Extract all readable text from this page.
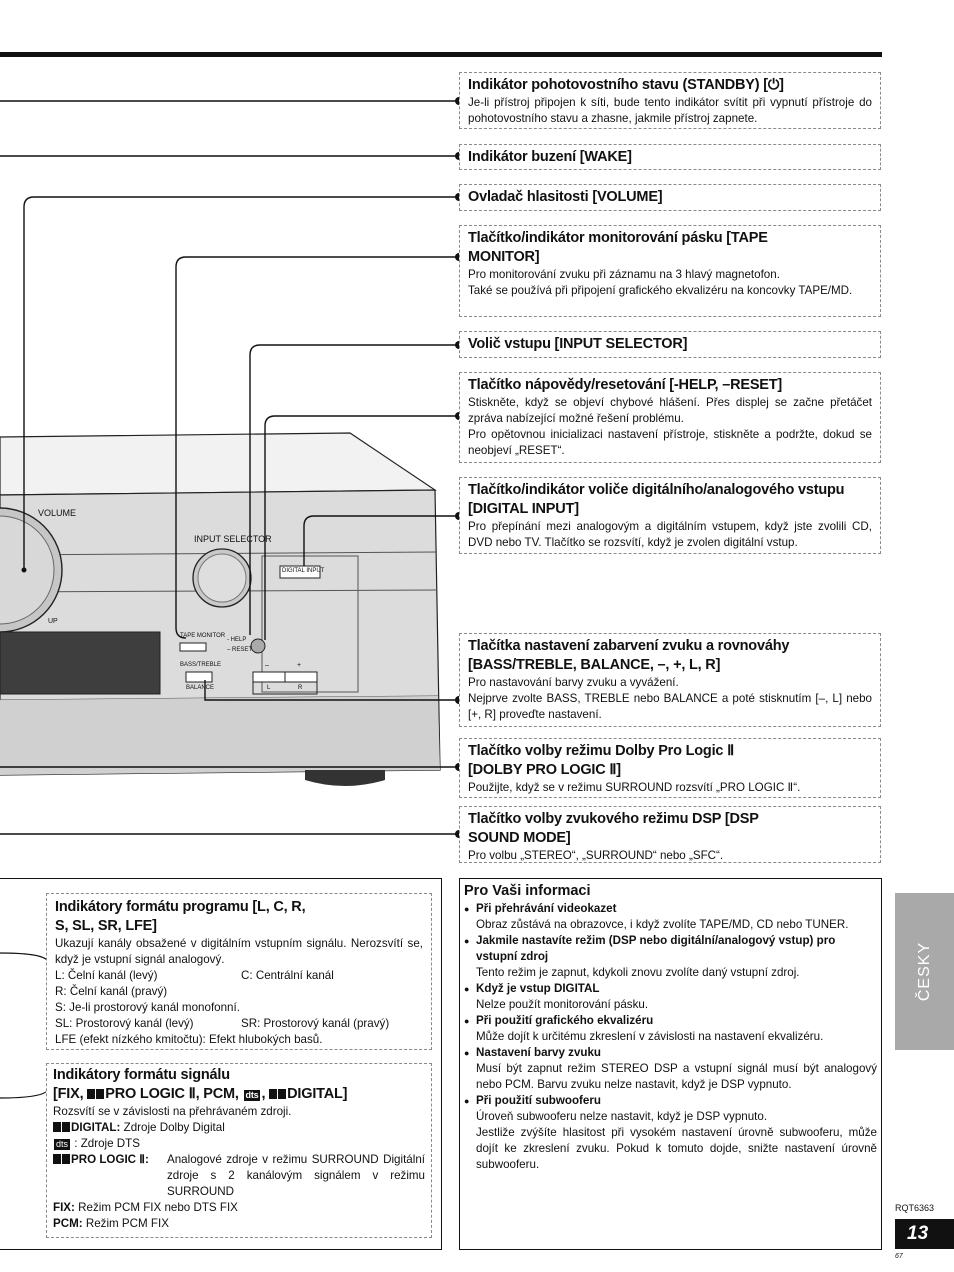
VOLUME
INPUT SELECTOR
DIGITAL INPUT
UP
TAPE MONITOR
- HELP
– RESET
BASS/TREBLE
BALANCE
–	+
L	R
Indikátor pohotovostního stavu (STANDBY) [⏻]

Je-li přístroj připojen k síti, bude tento indikátor svítit při vypnutí přístroje do pohotovostního stavu a zhasne, jakmile přístroj zapnete.

Indikátor buzení [WAKE]
Ovladač hlasitosti [VOLUME]
Tlačítko/indikátor monitorování pásku [TAPE MONITOR]

Pro monitorování zvuku při záznamu na 3 hlavý magnetofon.

Také se používá při připojení grafického ekvalizéru na koncovky TAPE/MD.

Volič vstupu [INPUT SELECTOR]
Tlačítko nápovědy/resetování [-HELP, –RESET]

Stiskněte, když se objeví chybové hlášení. Přes displej se začne přetáčet zpráva nabízející možné řešení problému.

Pro opětovnou inicializaci nastavení přístroje, stiskněte a podržte, dokud se neobjeví „RESET“.

Tlačítko/indikátor voliče digitálního/analogového vstupu [DIGITAL INPUT]

Pro přepínání mezi analogovým a digitálním vstupem, když jste zvolili CD, DVD nebo TV. Tlačítko se rozsvítí, když je zvolen digitální vstup.

Tlačítka nastavení zabarvení zvuku a rovnováhy [BASS/TREBLE, BALANCE, –, +, L, R]

Pro nastavování barvy zvuku a vyvážení.

Nejprve zvolte BASS, TREBLE nebo BALANCE a poté stisknutím [–, L] nebo [+, R] proveďte nastavení.

Tlačítko volby režimu Dolby Pro Logic Ⅱ [DOLBY PRO LOGIC Ⅱ]

Použijte, když se v režimu SURROUND rozsvítí „PRO LOGIC Ⅱ“.

Tlačítko volby zvukového režimu DSP [DSP SOUND MODE]

Pro volbu „STEREO“, „SURROUND“ nebo „SFC“.

Indikátory formátu programu [L, C, R, S, SL, SR, LFE]

Ukazují kanály obsažené v digitálním vstupním signálu. Nerozsvítí se, když je vstupní signál analogový.

L: Čelní kanál (levý)	C: Centrální kanál

R: Čelní kanál (pravý)

S: Je-li prostorový kanál monofonní.

SL: Prostorový kanál (levý)	SR: Prostorový kanál (pravý)

LFE (efekt nízkého kmitočtu): Efekt hlubokých basů.

Indikátory formátu signálu
[FIX, PRO LOGIC Ⅱ, PCM, dts , DIGITAL]

Rozsvítí se v závislosti na přehrávaném zdroji.

DIGITAL: Zdroje Dolby Digital

dts : Zdroje DTS

PRO LOGIC Ⅱ:	Analogové zdroje v režimu SURROUND Digitální zdroje s 2 kanálovým signálem v režimu SURROUND

FIX: Režim PCM FIX nebo DTS FIX

PCM: Režim PCM FIX

Pro Vaši informaci

● Při přehrávání videokazet

Obraz zůstává na obrazovce, i když zvolíte TAPE/MD, CD nebo TUNER.

● Jakmile nastavíte režim (DSP nebo digitální/analogový vstup) pro vstupní zdroj

Tento režim je zapnut, kdykoli znovu zvolíte daný vstupní zdroj.

● Když je vstup DIGITAL

Nelze použít monitorování pásku.

● Při použití grafického ekvalizéru

Může dojít k určitému zkreslení v závislosti na nastavení ekvalizéru.

● Nastavení barvy zvuku

Musí být zapnut režim STEREO DSP a vstupní signál musí být analogový nebo PCM. Barvu zvuku nelze nastavit, když je DSP vypnuto.

● Při použití subwooferu

Úroveň subwooferu nelze nastavit, když je DSP vypnuto.

Jestliže zvýšíte hlasitost při vysokém nastavení úrovně subwooferu, může dojít ke zkreslení zvuku. Pokud k tomuto dojde, snižte nastavení úrovně subwooferu.

ČESKY
RQT6363
13
67
